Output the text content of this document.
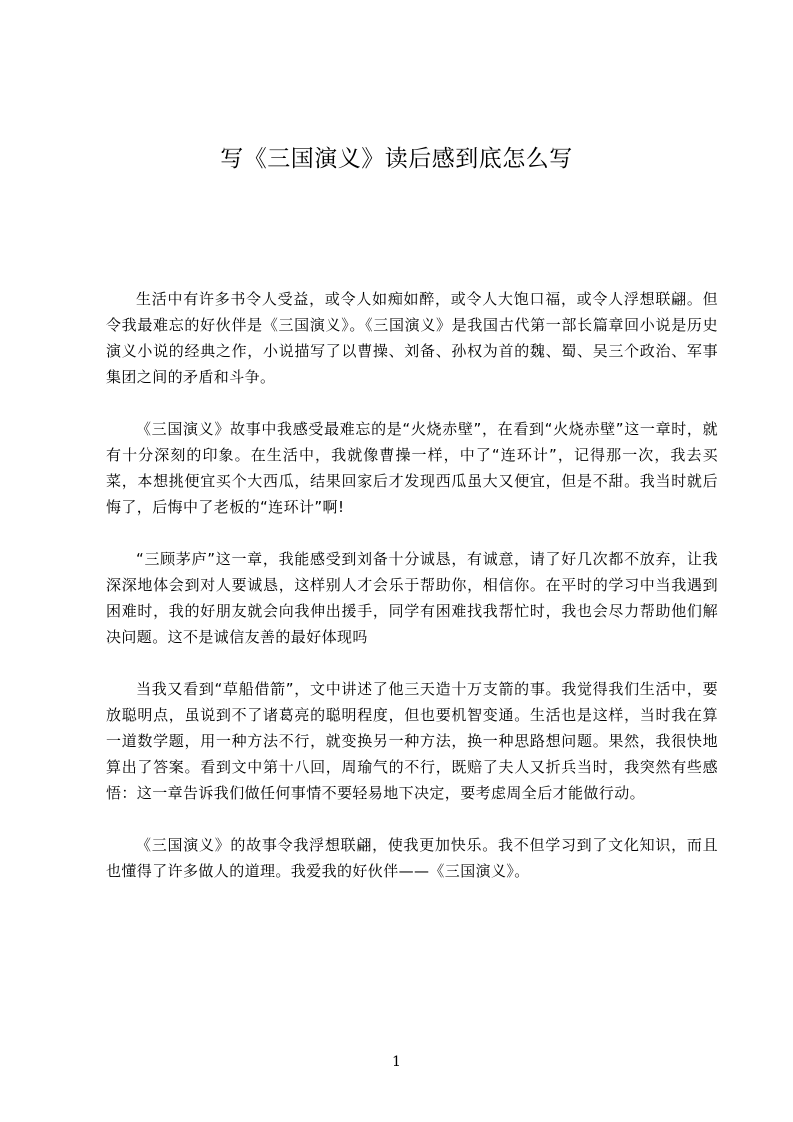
写《三国演义》读后感到底怎么写

生活中有许多书令人受益，或令人如痴如醉，或令人大饱口福，或令人浮想联翩。但令我最难忘的好伙伴是《三国演义》。《三国演义》是我国古代第一部长篇章回小说是历史演义小说的经典之作，小说描写了以曹操、刘备、孙权为首的魏、蜀、吴三个政治、军事集团之间的矛盾和斗争。

《三国演义》故事中我感受最难忘的是“火烧赤壁”，在看到“火烧赤壁”这一章时，就有十分深刻的印象。在生活中，我就像曹操一样，中了“连环计”，记得那一次，我去买菜，本想挑便宜买个大西瓜，结果回家后才发现西瓜虽大又便宜，但是不甜。我当时就后悔了，后悔中了老板的“连环计”啊!

“三顾茅庐”这一章，我能感受到刘备十分诚恳，有诚意，请了好几次都不放弃，让我深深地体会到对人要诚恳，这样别人才会乐于帮助你，相信你。在平时的学习中当我遇到困难时，我的好朋友就会向我伸出援手，同学有困难找我帮忙时，我也会尽力帮助他们解决问题。这不是诚信友善的最好体现吗

当我又看到“草船借箭”，文中讲述了他三天造十万支箭的事。我觉得我们生活中，要放聪明点，虽说到不了诸葛亮的聪明程度，但也要机智变通。生活也是这样，当时我在算一道数学题，用一种方法不行，就变换另一种方法，换一种思路想问题。果然，我很快地算出了答案。看到文中第十八回，周瑜气的不行，既赔了夫人又折兵当时，我突然有些感悟：这一章告诉我们做任何事情不要轻易地下决定，要考虑周全后才能做行动。

《三国演义》的故事令我浮想联翩，使我更加快乐。我不但学习到了文化知识，而且也懂得了许多做人的道理。我爱我的好伙伴——《三国演义》。

1
